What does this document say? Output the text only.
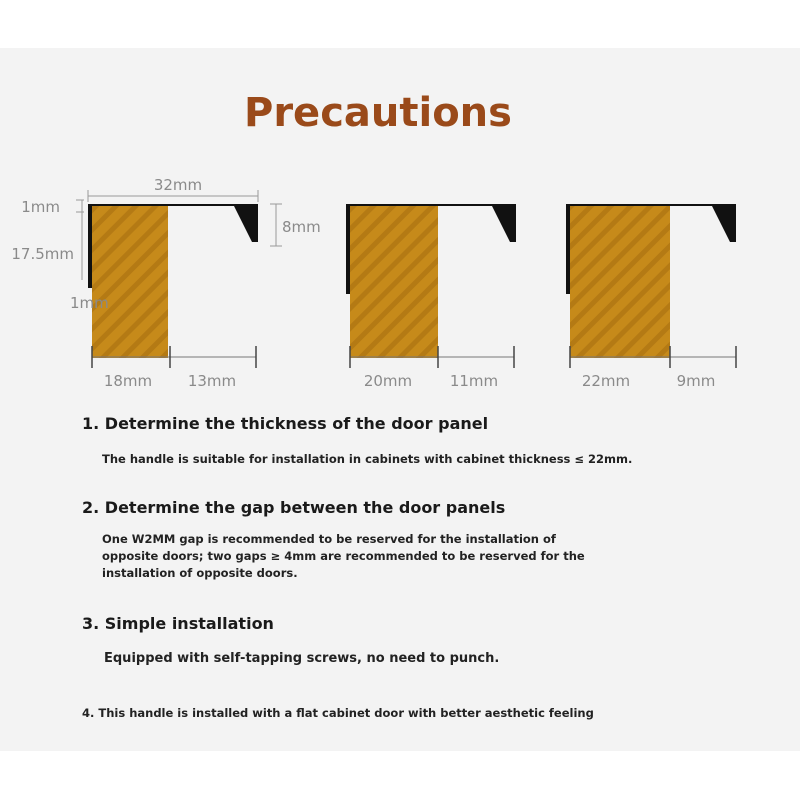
Precautions
32mm
1mm
17.5mm
1mm
8mm
18mm 13mm	20mm	11mm	22mm	9mm
1. Determine the thickness of the door panel
The handle is suitable for installation in cabinets with cabinet thickness ≤ 22mm.
2. Determine the gap between the door panels
One W2MM gap is recommended to be reserved for the installation of
opposite doors; two gaps ≥ 4mm are recommended to be reserved for the
installation of opposite doors.
3. Simple installation
Equipped with self-tapping screws, no need to punch.
4. This handle is installed with a flat cabinet door with better aesthetic feeling
